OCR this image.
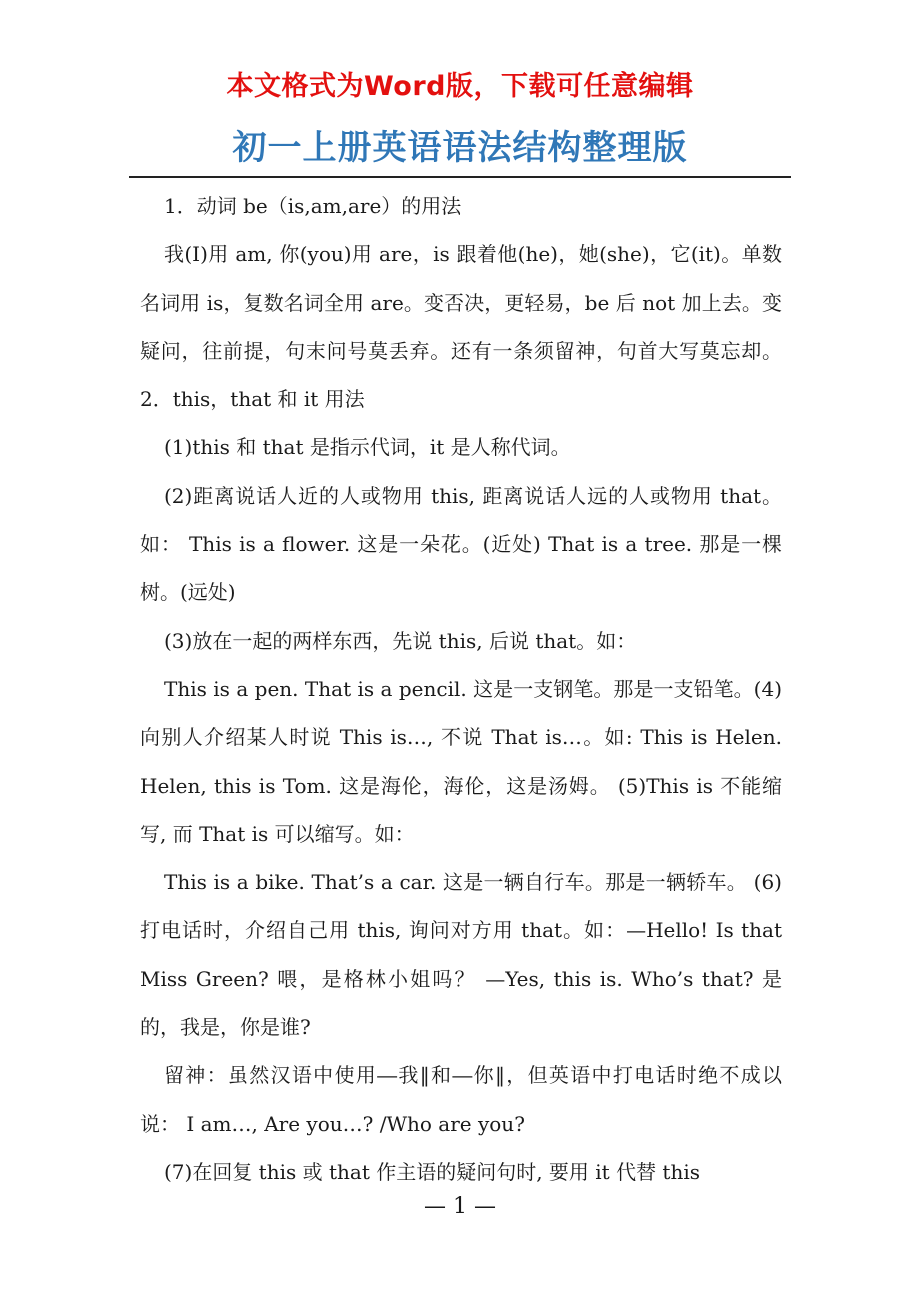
本文格式为Word版，下载可任意编辑
初一上册英语语法结构整理版

1．动词 be（is,am,are）的用法

我(I)用 am, 你(you)用 are，is 跟着他(he)，她(she)，它(it)。单数名词用 is，复数名词全用 are。变否决，更轻易，be 后 not 加上去。变疑问，往前提，句末问号莫丢弃。还有一条须留神，句首大写莫忘却。 2．this，that 和 it 用法

(1)this 和 that 是指示代词，it 是人称代词。

(2)距离说话人近的人或物用 this, 距离说话人远的人或物用 that。如： This is a flower. 这是一朵花。(近处) That is a tree. 那是一棵树。(远处)

(3)放在一起的两样东西，先说 this, 后说 that。如：

This is a pen. That is a pencil. 这是一支钢笔。那是一支铅笔。(4)向别人介绍某人时说 This is…, 不说 That is…。如: This is Helen. Helen, this is Tom. 这是海伦，海伦，这是汤姆。 (5)This is 不能缩写, 而 That is 可以缩写。如：

This is a bike. That’s a car. 这是一辆自行车。那是一辆轿车。 (6)打电话时，介绍自己用 this, 询问对方用 that。如：—Hello! Is that Miss Green? 喂，是格林小姐吗？ —Yes, this is. Who’s that? 是的，我是，你是谁?

留神：虽然汉语中使用―我‖和―你‖，但英语中打电话时绝不成以说： I am…, Are you…? /Who are you?

(7)在回复 this 或 that 作主语的疑问句时, 要用 it 代替 this

— 1 —
